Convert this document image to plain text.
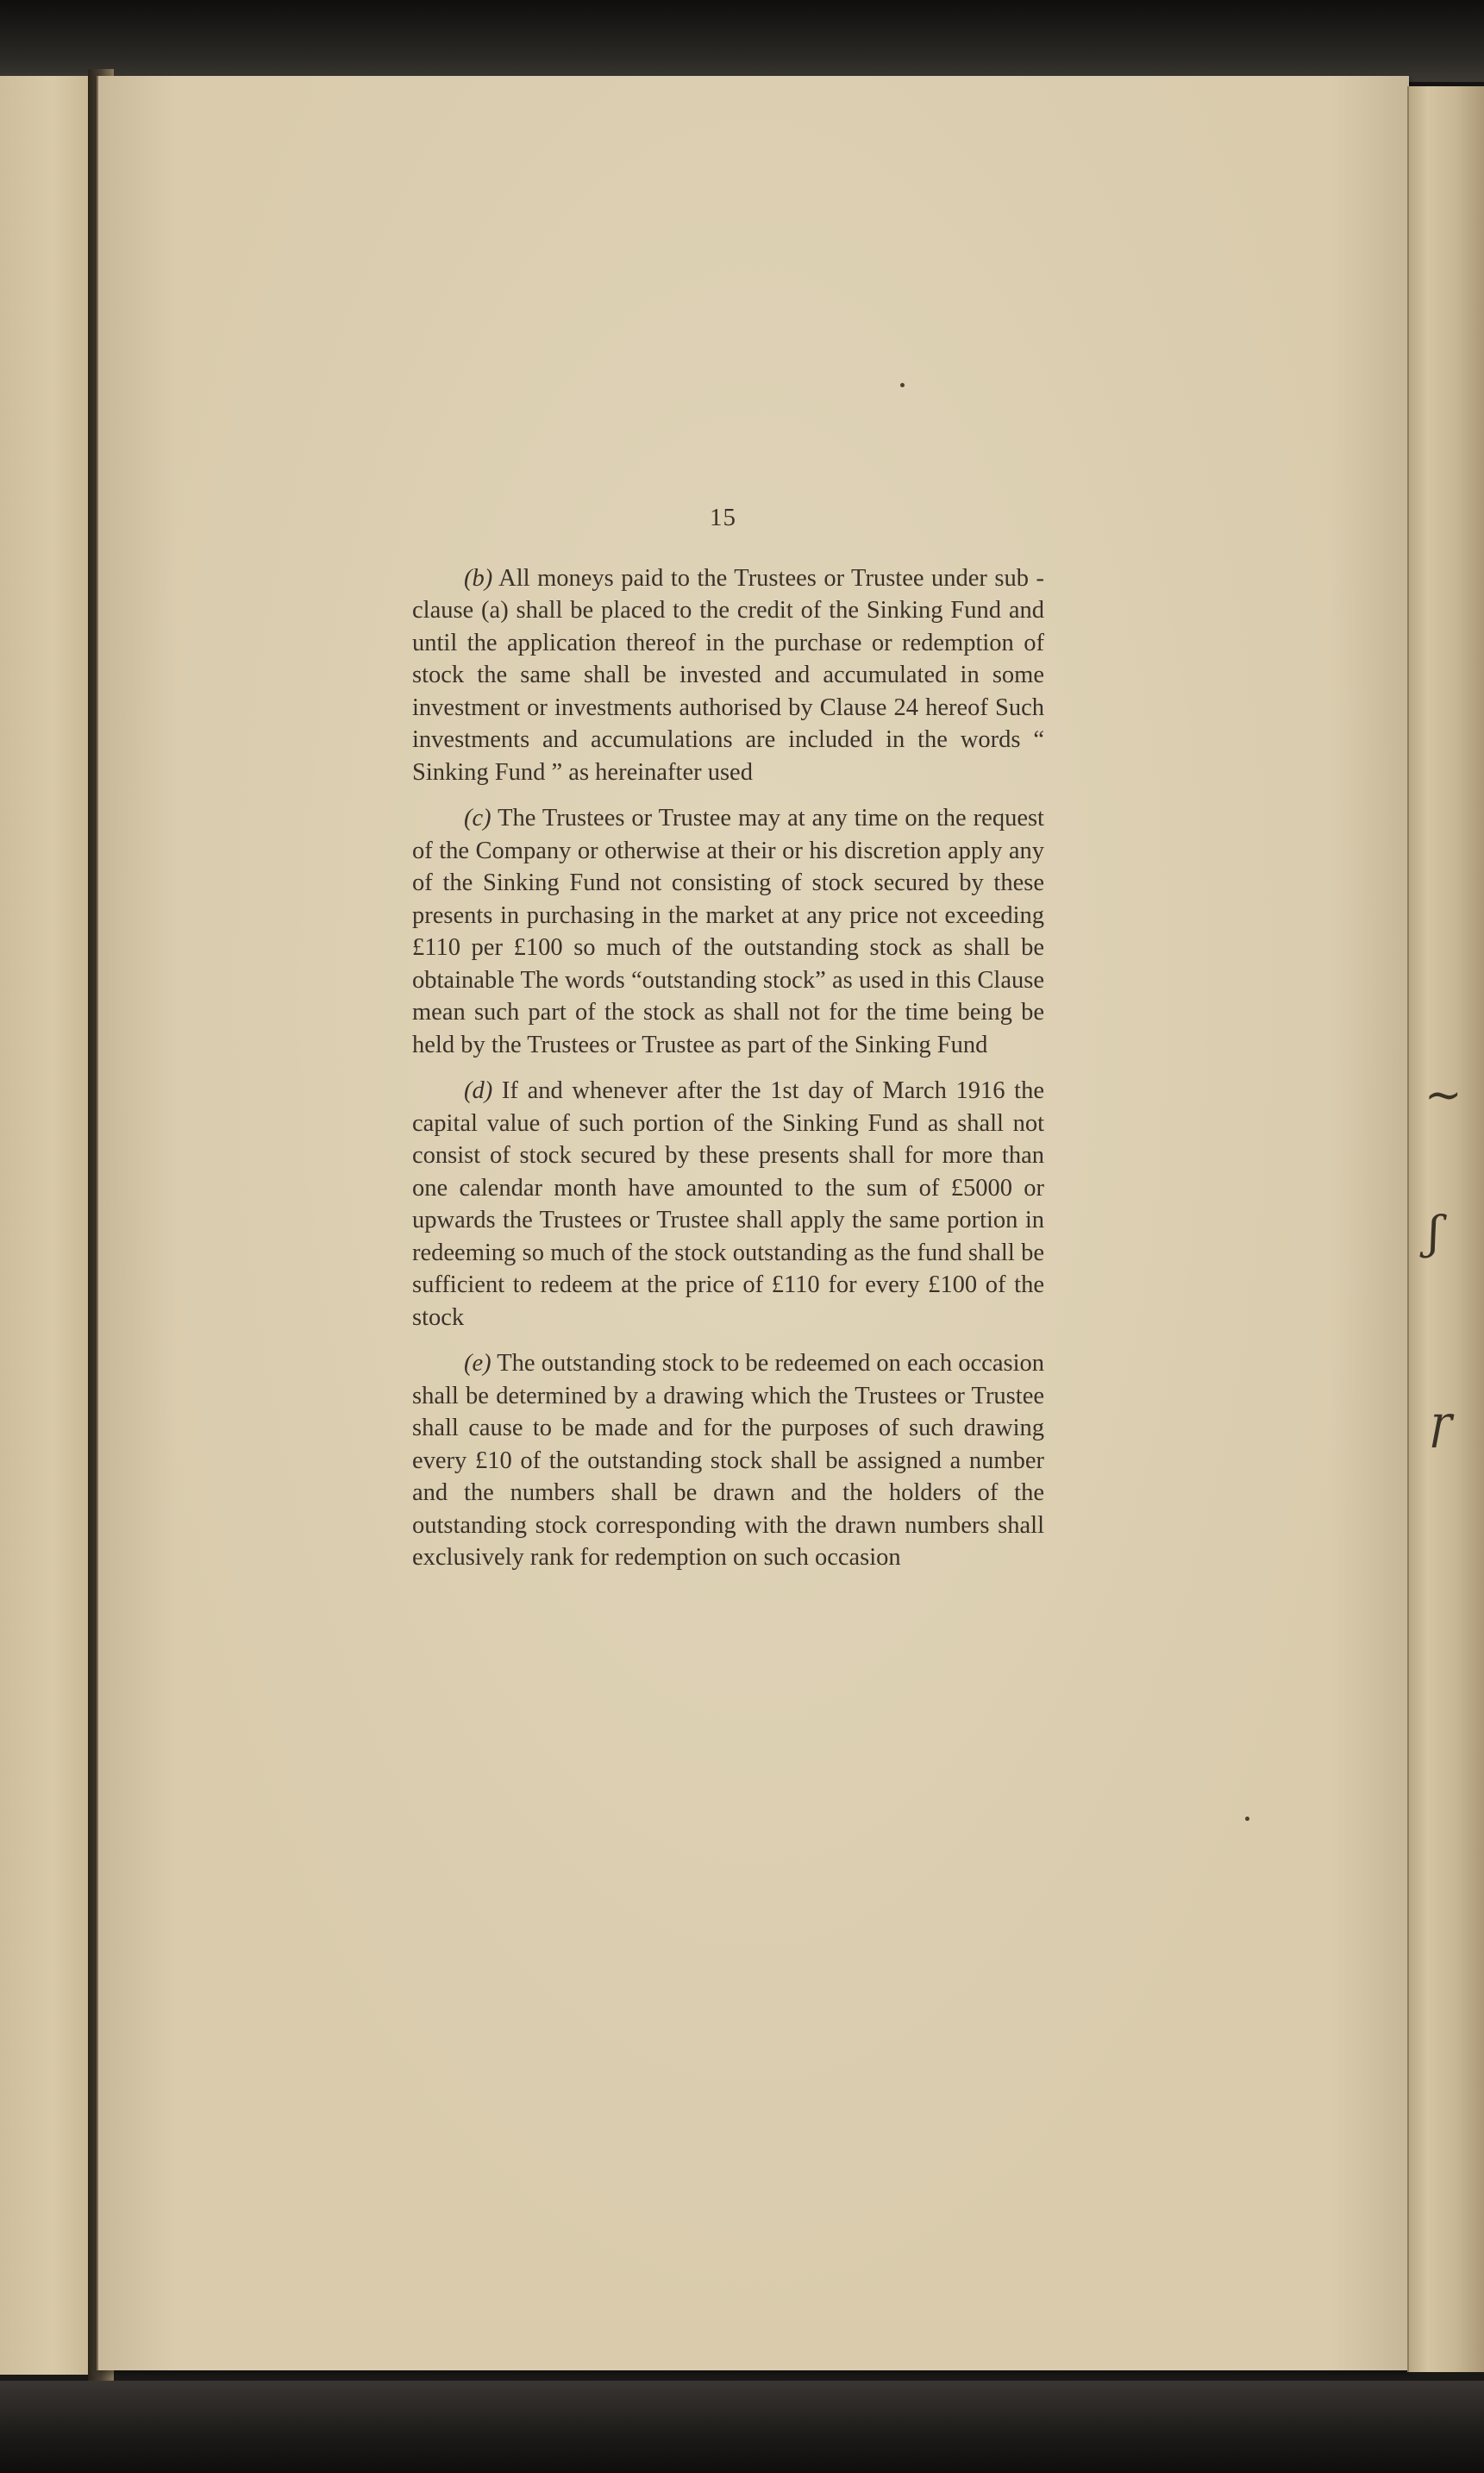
~
ʃ
ɼ
15

(b) All moneys paid to the Trustees or Trustee under sub - clause (a) shall be placed to the credit of the Sinking Fund and until the application thereof in the purchase or redemption of stock the same shall be invested and accumulated in some investment or investments authorised by Clause 24 hereof Such investments and accumulations are included in the words “ Sinking Fund ” as hereinafter used

(c) The Trustees or Trustee may at any time on the request of the Company or otherwise at their or his discretion apply any of the Sinking Fund not consisting of stock secured by these presents in purchasing in the market at any price not exceeding £110 per £100 so much of the outstanding stock as shall be obtainable The words “outstanding stock” as used in this Clause mean such part of the stock as shall not for the time being be held by the Trustees or Trustee as part of the Sinking Fund

(d) If and whenever after the 1st day of March 1916 the capital value of such portion of the Sinking Fund as shall not consist of stock secured by these presents shall for more than one calendar month have amounted to the sum of £5000 or upwards the Trustees or Trustee shall apply the same portion in redeeming so much of the stock outstanding as the fund shall be sufficient to redeem at the price of £110 for every £100 of the stock

(e) The outstanding stock to be redeemed on each occasion shall be determined by a drawing which the Trustees or Trustee shall cause to be made and for the purposes of such drawing every £10 of the outstanding stock shall be assigned a number and the numbers shall be drawn and the holders of the outstanding stock corresponding with the drawn numbers shall exclusively rank for redemption on such occasion
